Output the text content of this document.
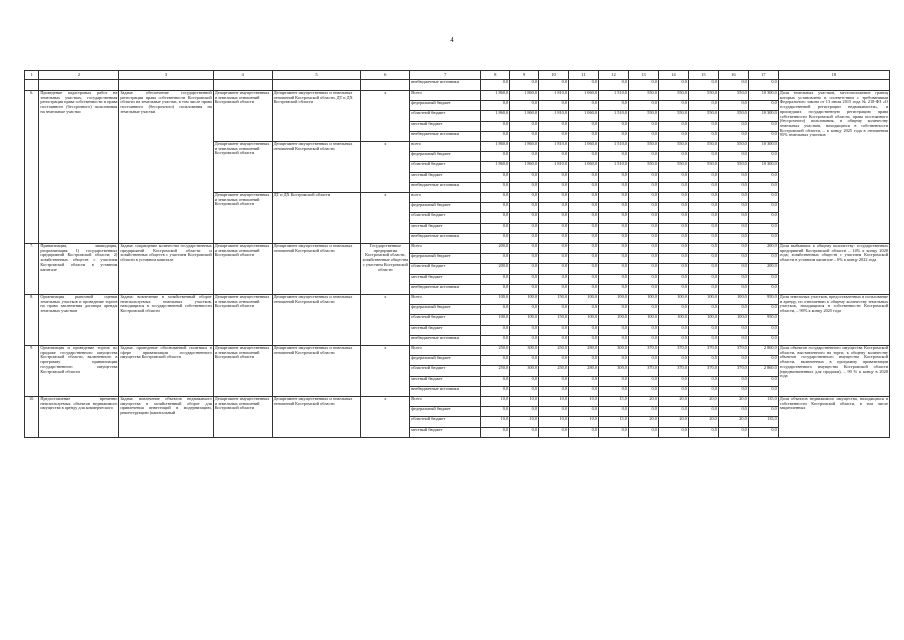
4
1	2	3	4	5	6	7	8	9	10	11	12	13	14	15	16	17	18
						внебюджетные источники	0,0	0,0	0,0	0,0	0,0	0,0	0,0	0,0	0,0	0,0	
6.	Проведение кадастровых работ на земельных участках, государственная регистрация права собственности и права постоянного (бессрочного) пользования на земельные участки	Задача: обеспечение государственной регистрации права собственности Костромской области на земельные участки, в том числе права постоянного (бессрочного) пользования на земельные участки	Департамент имущественных и земельных отношений Костромской области	Департамент имущественных и земельных отношений Костромской области, ДТ и ДХ Костромской области	x	Всего	1 860,0	1 860,0	1 810,0	1 060,0	1 510,0	550,0	550,0	550,0	550,0	10 300,0	Доля земельных участков, местоположение границ которых установлено в соответствии с требованиями Федерального закона от 13 июля 2015 года № 218-ФЗ «О государственной регистрации недвижимости», и прошедших государственную регистрацию права собственности Костромской области, права постоянного (бессрочного) пользования, в общему количеству земельных участков, находящихся в собственности Костромской области, – к концу 2025 года в отношении 95% земельных участков
						федеральный бюджет	0,0	0,0	0,0	0,0	0,0	0,0	0,0	0,0	0,0	0,0	
						областной бюджет	1 860,0	1 860,0	1 810,0	1 060,0	1 510,0	550,0	550,0	550,0	550,0	10 300,0	
						местный бюджет	0,0	0,0	0,0	0,0	0,0	0,0	0,0	0,0	0,0	0,0	
						внебюджетные источники	0,0	0,0	0,0	0,0	0,0	0,0	0,0	0,0	0,0	0,0	
			Департамент имущественных и земельных отношений Костромской области	Департамент имущественных и земельных отношений Костромской области	x	всего	1 860,0	1 860,0	1 810,0	1 060,0	1 510,0	550,0	550,0	550,0	550,0	10 300,0	
						федеральный бюджет	0,0	0,0	0,0	0,0	0,0	0,0	0,0	0,0	0,0	0,0	
						областной бюджет	1 860,0	1 860,0	1 810,0	1 060,0	1 510,0	550,0	550,0	550,0	550,0	10 300,0	
						местный бюджет	0,0	0,0	0,0	0,0	0,0	0,0	0,0	0,0	0,0	0,0	
						внебюджетные источники	0,0	0,0	0,0	0,0	0,0	0,0	0,0	0,0	0,0	0,0	
			Департамент имущественных и земельных отношений Костромской области	ДТ и ДХ Костромской области	x	всего	0,0	0,0	0,0	0,0	0,0	0,0	0,0	0,0	0,0	0,0	
						федеральный бюджет	0,0	0,0	0,0	0,0	0,0	0,0	0,0	0,0	0,0	0,0	
						областной бюджет	0,0	0,0	0,0	0,0	0,0	0,0	0,0	0,0	0,0	0,0	
						местный бюджет	0,0	0,0	0,0	0,0	0,0	0,0	0,0	0,0	0,0	0,0	
						внебюджетные источники	0,0	0,0	0,0	0,0	0,0	0,0	0,0	0,0	0,0	0,0	
7.	Приватизация, ликвидация, реорганизация: 1) государственных предприятий Костромской области; 2) хозяйственных обществ с участием Костромской области в уставном капитале	Задача: сокращение количества государственных предприятий Костромской области и хозяйственных обществ с участием Костромской области в уставном капитале	Департамент имущественных и земельных отношений Костромской области	Департамент имущественных и земельных отношений Костромской области	Государственные предприятия Костромской области, хозяйственные общества с участием Костромской области	Всего	200,0	0,0	0,0	0,0	0,0	0,0	0,0	0,0	0,0	200,0	Доля выбывших к общему количеству: государственных предприятий Костромской области – 14% к концу 2020 года; хозяйственных обществ с участием Костромской области в уставном капитале – 6% к концу 2022 года
						федеральный бюджет	0,0	0,0	0,0	0,0	0,0	0,0	0,0	0,0	0,0	0,0	
						областной бюджет	200,0	0,0	0,0	0,0	0,0	0,0	0,0	0,0	0,0	200,0	
						местный бюджет	0,0	0,0	0,0	0,0	0,0	0,0	0,0	0,0	0,0	0,0	
						внебюджетные источники	0,0	0,0	0,0	0,0	0,0	0,0	0,0	0,0	0,0	0,0	
8.	Организация рыночной оценки земельных участков и проведение торгов на право заключения договора аренды земельных участков	Задача: вовлечение в хозяйственный оборот неиспользуемых земельных участков, находящихся в государственной собственности Костромской области	Департамент имущественных и земельных отношений Костромской области	Департамент имущественных и земельных отношений Костромской области	x	Всего	100,0	100,0	150,0	100,0	100,0	100,0	100,0	100,0	100,0	950,0	Доля земельных участков, предоставленных в пользование и аренду, по отношению к общему количеству земельных участков, находящихся в собственности Костромской области, – 90% к концу 2025 года
						федеральный бюджет	0,0	0,0	0,0	0,0	0,0	0,0	0,0	0,0	0,0	0,0	
						областной бюджет	100,0	100,0	150,0	100,0	100,0	100,0	100,0	100,0	100,0	950,0	
						местный бюджет	0,0	0,0	0,0	0,0	0,0	0,0	0,0	0,0	0,0	0,0	
						внебюджетные источники	0,0	0,0	0,0	0,0	0,0	0,0	0,0	0,0	0,0	0,0	
9.	Организация и проведение торгов по продаже государственного имущества Костромской области, включенного в программу приватизации государственного имущества Костромской области	Задача: проведение обоснованной политики в сфере приватизации государственного имущества Костромской области	Департамент имущественных и земельных отношений Костромской области	Департамент имущественных и земельных отношений Костромской области	x	Всего	250,0	300,0	250,0	280,0	300,0	370,0	370,0	370,0	370,0	2 860,0	Доля объектов государственного имущества Костромской области, выставленного на торги, к общему количеству объектов государственного имущества Костромской области, включенных в программу приватизации государственного имущества Костромской области (предназначенных для продажи), – 90 % к концу в 2020 года
						федеральный бюджет	0,0	0,0	0,0	0,0	0,0	0,0	0,0	0,0	0,0	0,0	
						областной бюджет	250,0	300,0	250,0	280,0	300,0	370,0	370,0	370,0	370,0	2 860,0	
						местный бюджет	0,0	0,0	0,0	0,0	0,0	0,0	0,0	0,0	0,0	0,0	
						внебюджетные источники	0,0	0,0	0,0	0,0	0,0	0,0	0,0	0,0	0,0	0,0	
10.	Предоставление временно неиспользуемых объектов недвижимого имущества в аренду для коммерческого	Задача: вовлечение объектов недвижимого имущества в хозяйственный оборот для привлечения инвестиций в модернизацию, реконструкцию (капитальный	Департамент имущественных и земельных отношений Костромской области	Департамент имущественных и земельных отношений Костромской области	x	Всего	10,0	10,0	10,0	10,0	15,0	20,0	20,0	20,0	20,0	135,0	Доля объектов недвижимого имущества, находящихся в собственности Костромской области, в том числе закрепленных
						федеральный бюджет	0,0	0,0	0,0	0,0	0,0	0,0	0,0	0,0	0,0	0,0	
						областной бюджет	10,0	10,0	10,0	10,0	15,0	20,0	20,0	20,0	20,0	135,0	
						местный бюджет	0,0	0,0	0,0	0,0	0,0	0,0	0,0	0,0	0,0	0,0	
